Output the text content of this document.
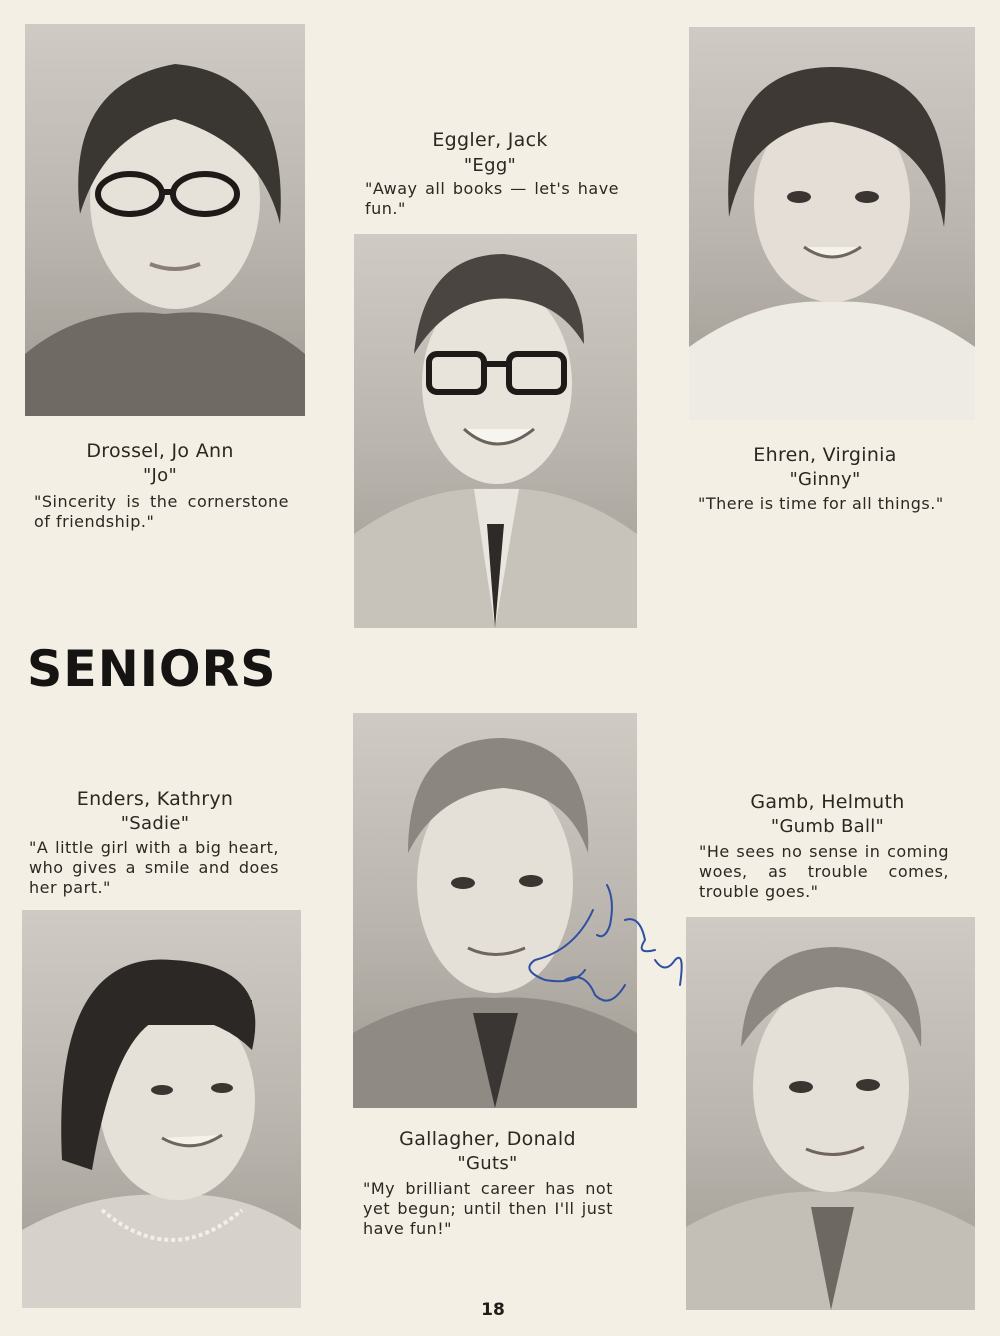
Drossel, Jo Ann
"Jo"
"Sincerity is the cornerstone of friendship."
Eggler, Jack
"Egg"
"Away all books — let's have fun."
Ehren, Virginia
"Ginny"
"There is time for all things."
SENIORS
Enders, Kathryn
"Sadie"
"A little girl with a big heart, who gives a smile and does her part."
Gallagher, Donald
"Guts"
"My brilliant career has not yet begun; until then I'll just have fun!"
Gamb, Helmuth
"Gumb Ball"
"He sees no sense in coming woes, as trouble comes, trouble goes."
18
